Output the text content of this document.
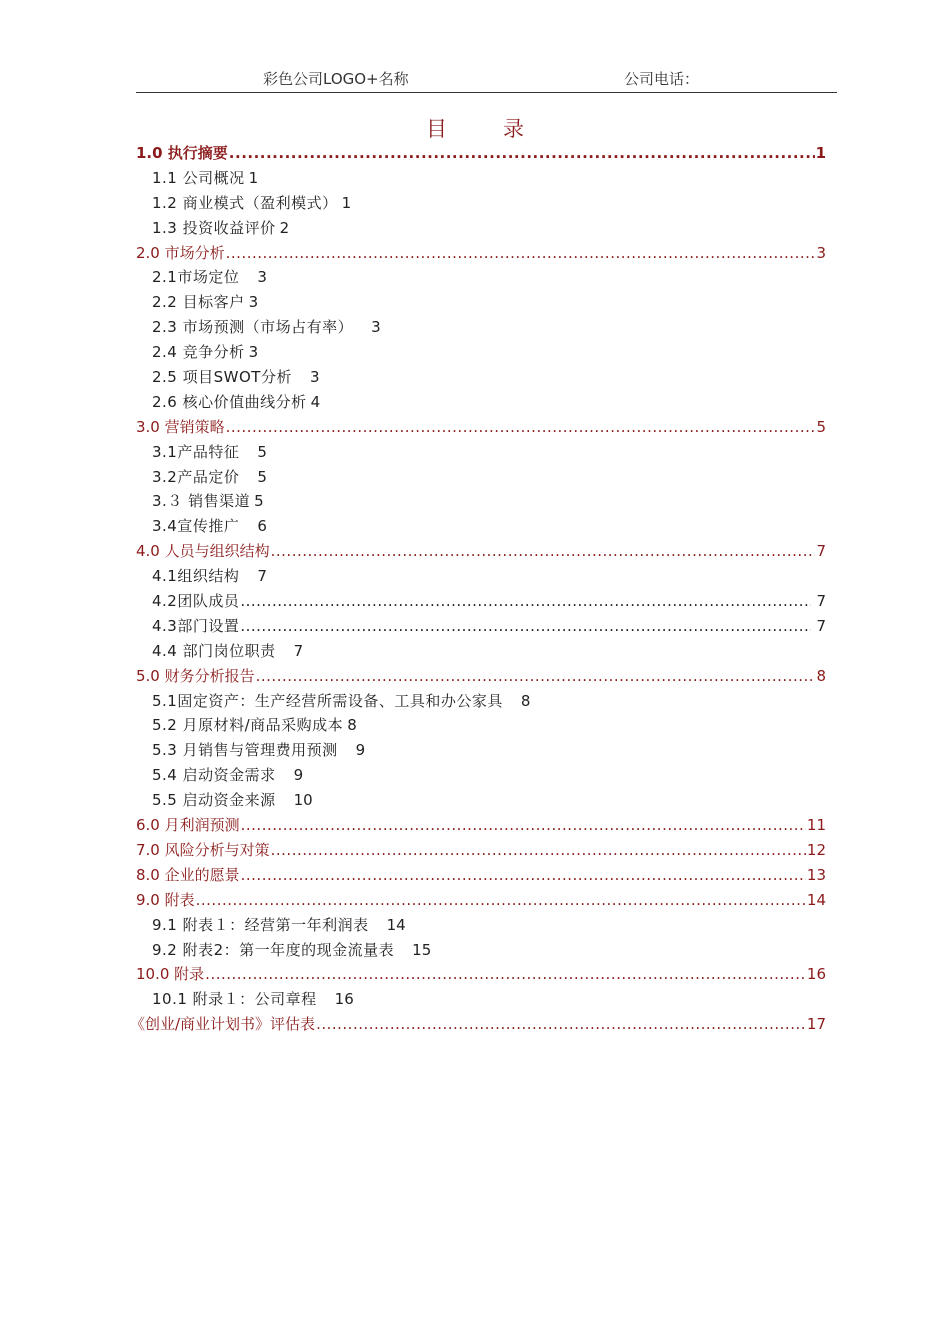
彩色公司LOGO+名称	公司电话：
目	录
1.0 执行摘要 .....	1
1.1 公司概况 1
1.2 商业模式（盈利模式） 1
1.3 投资收益评价 2
2.0 市场分析 .....	3
2.1市场定位 3
2.2 目标客户 3
2.3 市场预测（市场占有率） 3
2.4 竞争分析 3
2.5 项目SWOT分析 3
2.6 核心价值曲线分析 4
3.0 营销策略 .....	5
3.1产品特征 5
3.2产品定价 5
3.３ 销售渠道 5
3.4宣传推广 6
4.0 人员与组织结构 .....	7
4.1组织结构 7
4.2团队成员 .....	7
4.3部门设置 .....	7
4.4 部门岗位职责 7
5.0 财务分析报告 .....	8
5.1固定资产：生产经营所需设备、工具和办公家具 8
5.2 月原材料/商品采购成本 8
5.3 月销售与管理费用预测 9
5.4 启动资金需求 9
5.5 启动资金来源 10
6.0 月利润预测 .....	11
7.0 风险分析与对策 .....	12
8.0 企业的愿景 .....	13
9.0 附表 .....	14
9.1 附表１：经营第一年利润表 14
9.2 附表2：第一年度的现金流量表 15
10.0 附录 .....	16
10.1 附录１：公司章程 16
《创业/商业计划书》评估表 .....	17
